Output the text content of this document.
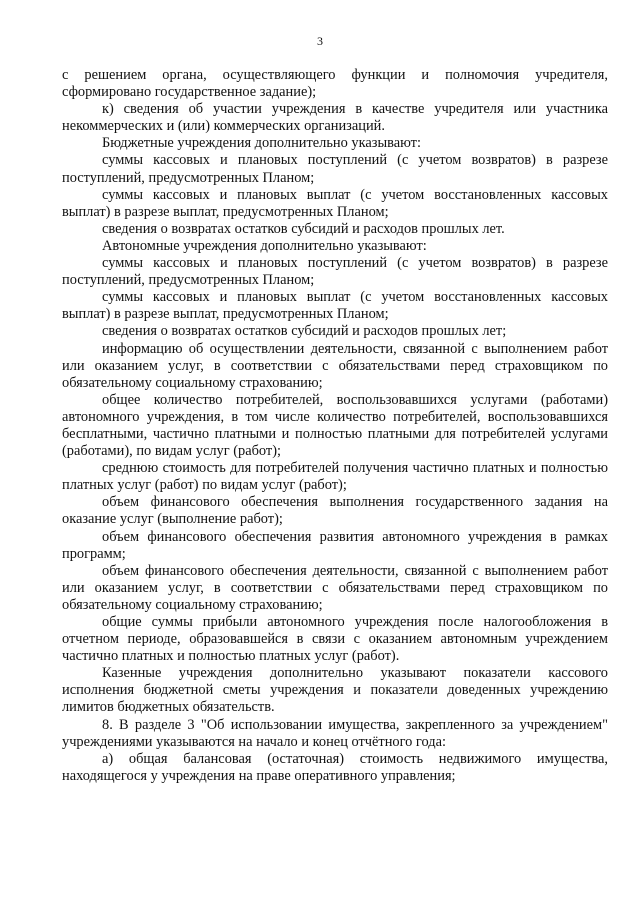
3

с решением органа, осуществляющего функции и полномочия учредителя, сформировано государственное задание);

к) сведения об участии учреждения в качестве учредителя или участника некоммерческих и (или) коммерческих организаций.

Бюджетные учреждения дополнительно указывают:

суммы кассовых и плановых поступлений (с учетом возвратов) в разрезе поступлений, предусмотренных Планом;

суммы кассовых и плановых выплат (с учетом восстановленных кассовых выплат) в разрезе выплат, предусмотренных Планом;

сведения о возвратах остатков субсидий и расходов прошлых лет.

Автономные учреждения дополнительно указывают:

суммы кассовых и плановых поступлений (с учетом возвратов) в разрезе поступлений, предусмотренных Планом;

суммы кассовых и плановых выплат (с учетом восстановленных кассовых выплат) в разрезе выплат, предусмотренных Планом;

сведения о возвратах остатков субсидий и расходов прошлых лет;

информацию об осуществлении деятельности, связанной с выполнением работ или оказанием услуг, в соответствии с обязательствами перед страховщиком по обязательному социальному страхованию;

общее количество потребителей, воспользовавшихся услугами (работами) автономного учреждения, в том числе количество потребителей, воспользовавшихся бесплатными, частично платными и полностью платными для потребителей услугами (работами), по видам услуг (работ);

среднюю стоимость для потребителей получения частично платных и полностью платных услуг (работ) по видам услуг (работ);

объем финансового обеспечения выполнения государственного задания на оказание услуг (выполнение работ);

объем финансового обеспечения развития автономного учреждения в рамках программ;

объем финансового обеспечения деятельности, связанной с выполнением работ или оказанием услуг, в соответствии с обязательствами перед страховщиком по обязательному социальному страхованию;

общие суммы прибыли автономного учреждения после налогообложения в отчетном периоде, образовавшейся в связи с оказанием автономным учреждением частично платных и полностью платных услуг (работ).

Казенные учреждения дополнительно указывают показатели кассового исполнения бюджетной сметы учреждения и показатели доведенных учреждению лимитов бюджетных обязательств.

8. В разделе 3 "Об использовании имущества, закрепленного за учреждением" учреждениями указываются на начало и конец отчётного года:

а) общая балансовая (остаточная) стоимость недвижимого имущества, находящегося у учреждения на праве оперативного управления;
